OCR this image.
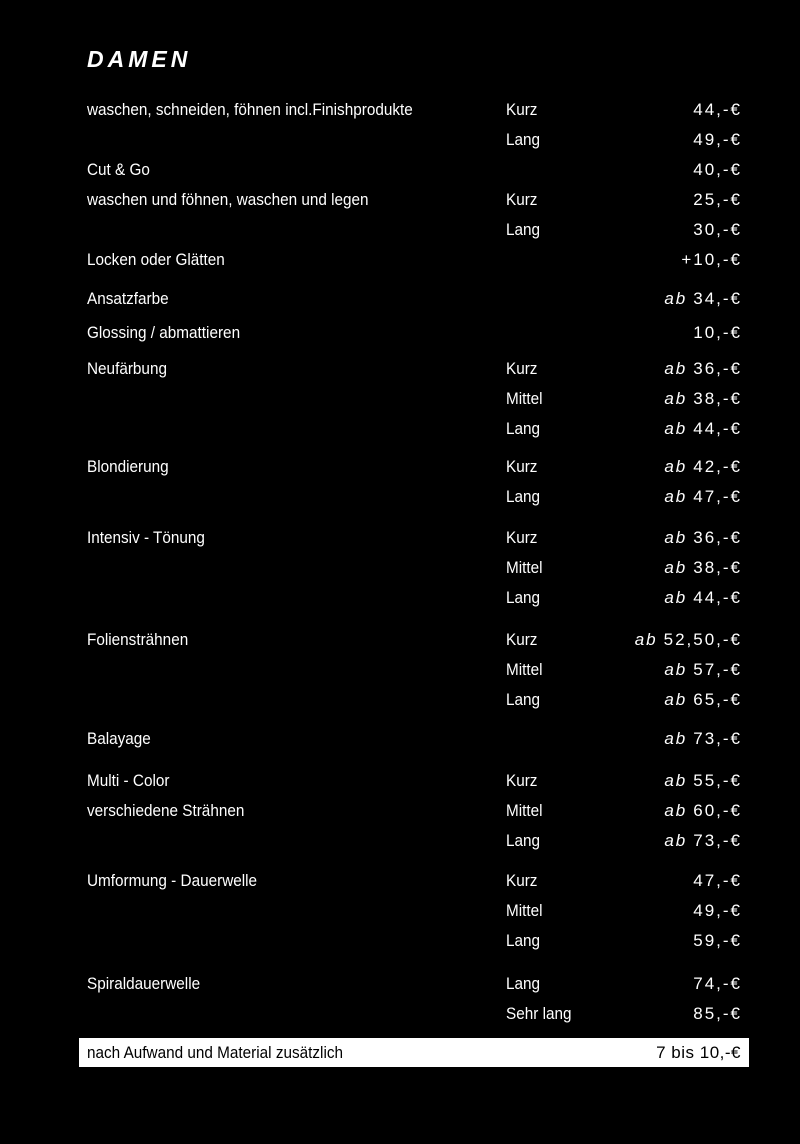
DAMEN
waschen, schneiden, föhnen incl.Finishprodukte	Kurz	44,-€
Lang	49,-€
Cut & Go	40,-€
waschen und föhnen, waschen und legen	Kurz	25,-€
Lang	30,-€
Locken oder Glätten	+10,-€
Ansatzfarbe	ab 34,-€
Glossing / abmattieren	10,-€
Neufärbung	Kurz	ab 36,-€
Mittel	ab 38,-€
Lang	ab 44,-€
Blondierung	Kurz	ab 42,-€
Lang	ab 47,-€
Intensiv - Tönung	Kurz	ab 36,-€
Mittel	ab 38,-€
Lang	ab 44,-€
Foliensträhnen	Kurz	ab 52,50,-€
Mittel	ab 57,-€
Lang	ab 65,-€
Balayage	ab 73,-€
Multi - Color	Kurz	ab 55,-€
verschiedene Strähnen	Mittel	ab 60,-€
Lang	ab 73,-€
Umformung - Dauerwelle	Kurz	47,-€
Mittel	49,-€
Lang	59,-€
Spiraldauerwelle	Lang	74,-€
Sehr lang	85,-€
nach Aufwand und Material zusätzlich	7 bis 10,-€
